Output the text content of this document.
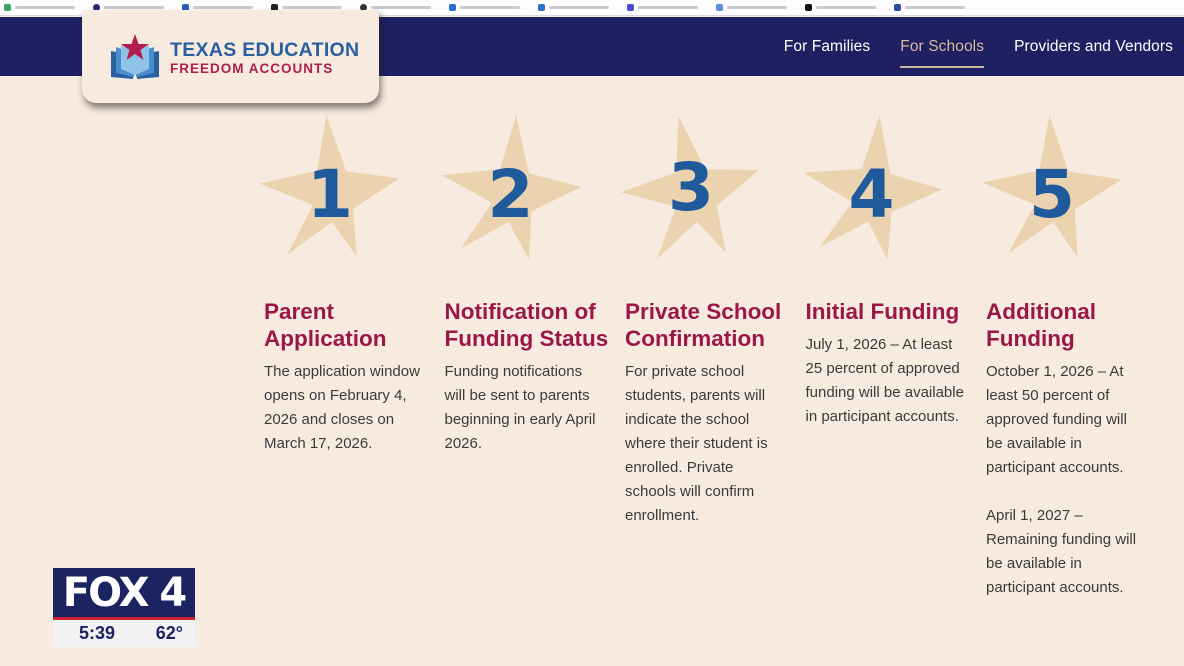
For Families For Schools Providers and Vendors
TEXAS EDUCATION
FREEDOM ACCOUNTS
1
Parent Application

The application window opens on February 4, 2026 and closes on March 17, 2026.

2
Notification of Funding Status

Funding notifications will be sent to parents beginning in early April 2026.

3
Private School Confirmation

For private school students, parents will indicate the school where their student is enrolled. Private schools will confirm enrollment.

4
Initial Funding

July 1, 2026 – At least 25 percent of approved funding will be available in participant accounts.

5
Additional Funding

October 1, 2026 – At least 50 percent of approved funding will be available in participant accounts.

April 1, 2027 – Remaining funding will be available in participant accounts.

FOX 4
5:39 62°
